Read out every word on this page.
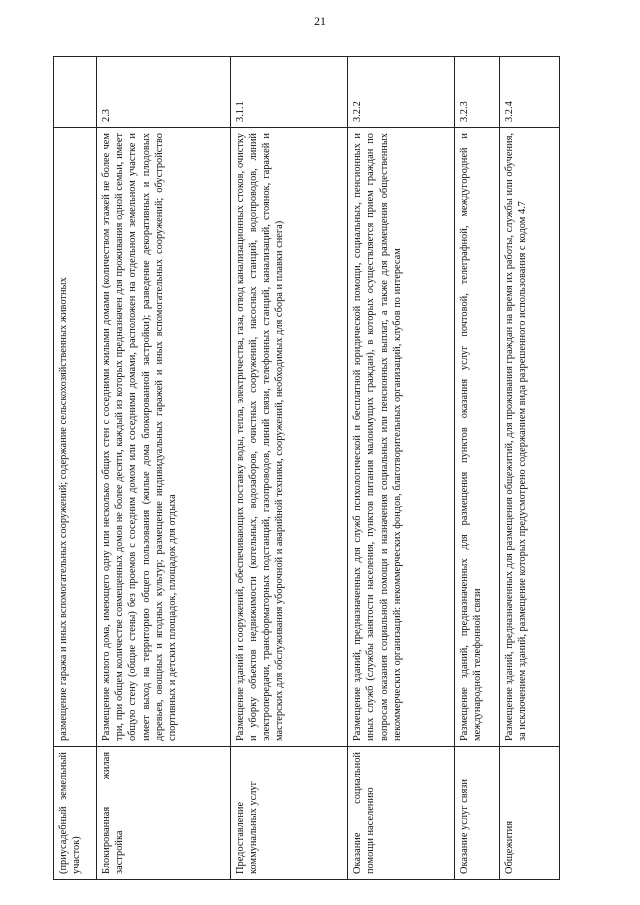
21
(приусадебный земельный участок)	размещение гаража и иных вспомогательных сооружений; содержание сельскохозяйственных животных	
Блокированная жилая застройка	Размещение жилого дома, имеющего одну или несколько общих стен с соседними жилыми домами (количеством этажей не более чем три, при общем количестве совмещенных домов не более десяти, каждый из которых предназначен для проживания одной семьи, имеет общую стену (общие стены) без проемов с соседним домом или соседними домами, расположен на отдельном земельном участке и имеет выход на территорию общего пользования (жилые дома блокированной застройки); разведение декоративных и плодовых деревьев, овощных и ягодных культур; размещение индивидуальных гаражей и иных вспомогательных сооружений; обустройство спортивных и детских площадок, площадок для отдыха	2.3
Предоставление коммунальных услуг	Размещение зданий и сооружений, обеспечивающих поставку воды, тепла, электричества, газа, отвод канализационных стоков, очистку и уборку объектов недвижимости (котельных, водозаборов, очистных сооружений, насосных станций, водопроводов, линий электропередачи, трансформаторных подстанций, газопроводов, линий связи, телефонных станций, канализаций, стоянок, гаражей и мастерских для обслуживания уборочной и аварийной техники, сооружений, необходимых для сбора и плавки снега)	3.1.1
Оказание социальной помощи населению	Размещение зданий, предназначенных для служб психологической и бесплатной юридической помощи, социальных, пенсионных и иных служб (службы занятости населения, пунктов питания малоимущих граждан), в которых осуществляется прием граждан по вопросам оказания социальной помощи и назначения социальных или пенсионных выплат, а также для размещения общественных некоммерческих организаций: некоммерческих фондов, благотворительных организаций, клубов по интересам	3.2.2
Оказание услуг связи	Размещение зданий, предназначенных для размещения пунктов оказания услуг почтовой, телеграфной, междугородней и международной телефонной связи	3.2.3
Общежития	Размещение зданий, предназначенных для размещения общежитий, для проживания граждан на время их работы, службы или обучения, за исключением зданий, размещение которых предусмотрено содержанием вида разрешенного использования с кодом 4.7	3.2.4
